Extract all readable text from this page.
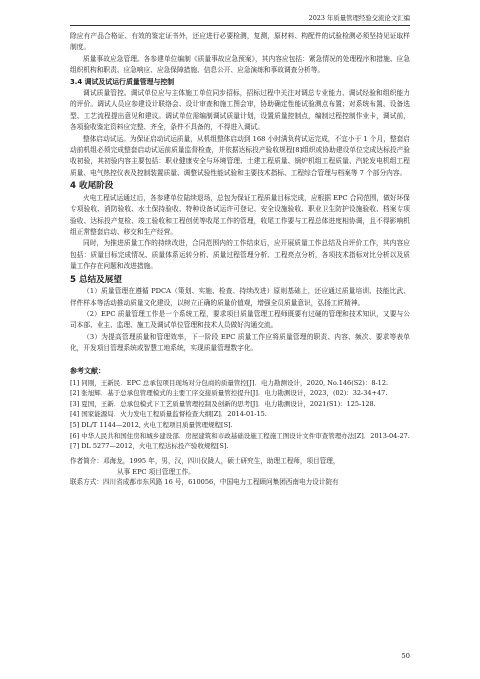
2023 年质量管理经验交流论文汇编

除应有产品合格证、有效的鉴定证书外，还应进行必要检测，复测，原材料、构配件的试验检测必须坚持见证取样制度。

质量事故应急管理。各参建单位编制《质量事故应急预案》，其内容应包括：紧急情况的处理程序和措施、应急组织机构和职责、应急响应、应急保障措施、信息公开、应急演练和事故调查分析等。

3.4 调试及试运行质量管理与控制

调试质量管控。调试单位应与主体施工单位同步招标，招标过程中关注对调总专业能力、调试经验和组织能力的评价。调试人员应参建设计联络会、设计审查和施工图会审，协助确定性能试验测点布置；对系统布置、设备选型、工艺流程提出意见和建议。调试单位需编制调试质量计划，设置质量控制点，编制过程控制作业卡，调试前，各项验收鉴定资料应完整、齐全，条件不具备的，不得进入调试。

整体启动试运。为保证启动试运质量，从机组整体启动到 168 小时满负荷试运完成，不宜小于 1 个月，整套启动前机组必须完成整套启动试运前质量监督检查，并依据达标投产验收规程[8]组织或协助建设单位完成达标投产验收初验，其初验内容主要包括：职业健康安全与环境管理、土建工程质量、锅炉机组工程质量、汽轮发电机组工程质量、电气热控仪表及控制装置质量、调整试验性能试验和主要技术指标、工程综合管理与档案等 7 个部分内容。

4 收尾阶段

火电工程试运通过后，各参建单位陆续退场，总包为保证工程质量目标完成，应根据 EPC 合同范围，做好环保专项验收、消防验收、水土保持验收、特种设备试运许可登记、安全设施验收、职业卫生防护设施验收、档案专项验收、达标投产复检、竣工验收和工程创优等收尾工作的管理，收尾工作要与工程总体进度相协调，且不得影响机组正常整套启动、移交和生产经营。

同时，为推进质量工作的持续改进，合同范围内的工作结束后，应开展质量工作总结及自评价工作，其内容应包括：质量目标完成情况、质量体系运转分析、质量过程管理分析、工程亮点分析，各项技术指标对比分析以及质量工作存在问题和改进措施。

5 总结及展望

（1）质量管理在遵循 PDCA（策划、实施、检查、持续改进）原则基础上，还应通过质量培训、技能比武、伴件样本等活动推动质量文化建设，以树立正确的质量价值观，增强全员质量意识，弘扬工匠精神。

（2）EPC 质量管理工作是一个系统工程，要求项目质量管理工程师既要有过硬的管理和技术知识，又要与公司本部、业主、监理、施工及调试单位管理和技术人员做好沟通交流。

（3）为提高管理质量和管理效率，下一阶段 EPC 质量工作应将质量管理的职责、内容、频次、要求等表单化，开发项目管理系统或智慧工地系统，实现质量管理数字化。

参考文献：
[1] 同刚，王新民．EPC 总承包项目现场对分包商的质量管控[J]．电力勘测设计，2020, No.146(S2)：8-12.
[2] 张旭辉．基于总承包管理模式的主要工序交接质量管控提升[J]．电力勘测设计，2023，(02)：32-34+47.
[3] 夏国，王新．总承包模式下工艺质量管理控制及创新的思考[J]．电力勘测设计，2021(S1)：125-128.
[4] 国家能源局．火力发电工程质量监督检查大纲[Z]．2014-01-15.
[5] DL/T 1144—2012, 火电工程项目质量管理规程[S].
[6] 中华人民共和国住房和城乡建设部．房屋建筑和市政基础设施工程施工图设计文件审查管理办法[Z]．2013-04-27.
[7] DL 5277—2012，火电工程达标投产验收规程[S].
作者简介：邓海龙，1995 年，男，汉，四川仪陇人，硕士研究生，助理工程师，项目管理，
从事 EPC 项目管理工作。
联系方式：四川省成都市东风路 16 号，610056，中国电力工程顾问集团西南电力设计院有
50
